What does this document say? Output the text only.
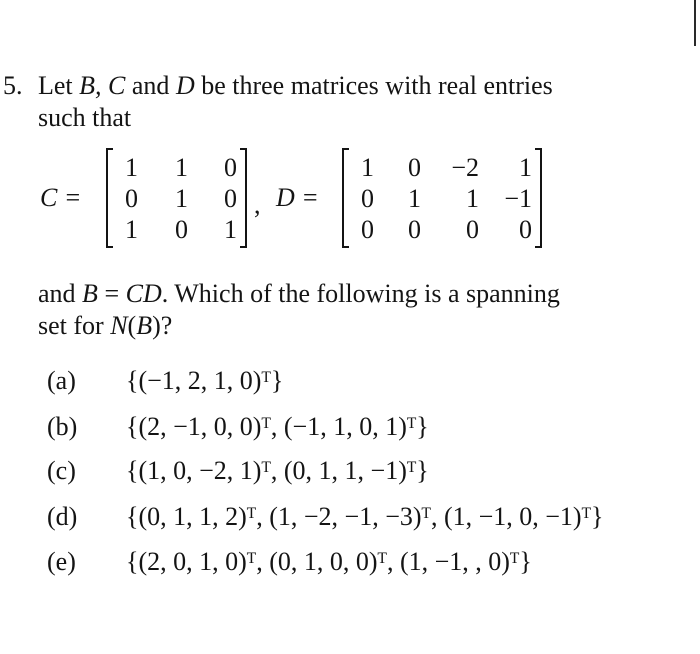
5. Let B, C and D be three matrices with real entries
such that
C =
1	1	0
0	1	0
1	0	1
, D =
1	0	−2	1
0	1	1 −1
0	0	0	0
and B = CD. Which of the following is a spanning
set for N(B)?
(a) {(−1, 2, 1, 0)ᵀ}
(b) {(2, −1, 0, 0)ᵀ, (−1, 1, 0, 1)ᵀ}
(c) {(1, 0, −2, 1)ᵀ, (0, 1, 1, −1)ᵀ}
(d) {(0, 1, 1, 2)ᵀ, (1, −2, −1, −3)ᵀ, (1, −1, 0, −1)ᵀ}
(e) {(2, 0, 1, 0)ᵀ, (0, 1, 0, 0)ᵀ, (1, −1, , 0)ᵀ}
